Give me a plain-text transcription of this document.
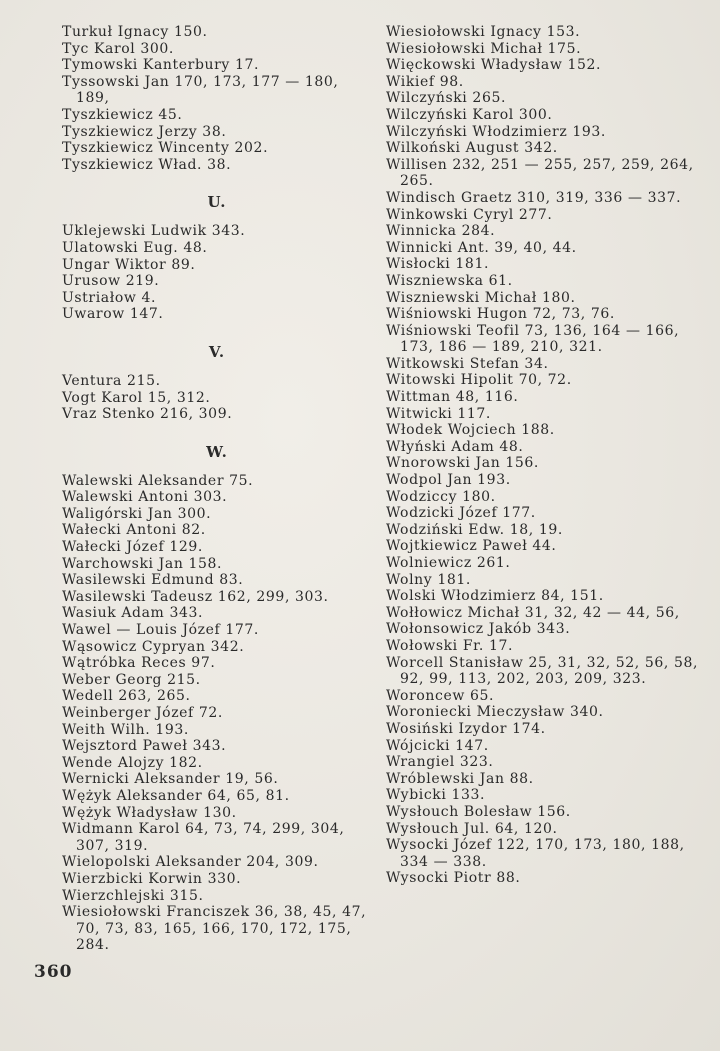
Turkuł Ignacy 150.

Tyc Karol 300.

Tymowski Kanterbury 17.

Tyssowski Jan 170, 173, 177 — 180, 189,

Tyszkiewicz 45.

Tyszkiewicz Jerzy 38.

Tyszkiewicz Wincenty 202.

Tyszkiewicz Wład. 38.

U.

Uklejewski Ludwik 343.

Ulatowski Eug. 48.

Ungar Wiktor 89.

Urusow 219.

Ustriałow 4.

Uwarow 147.

V.

Ventura 215.

Vogt Karol 15, 312.

Vraz Stenko 216, 309.

W.

Walewski Aleksander 75.

Walewski Antoni 303.

Waligórski Jan 300.

Wałecki Antoni 82.

Wałecki Józef 129.

Warchowski Jan 158.

Wasilewski Edmund 83.

Wasilewski Tadeusz 162, 299, 303.

Wasiuk Adam 343.

Wawel — Louis Józef 177.

Wąsowicz Cypryan 342.

Wątróbka Reces 97.

Weber Georg 215.

Wedell 263, 265.

Weinberger Józef 72.

Weith Wilh. 193.

Wejsztord Paweł 343.

Wende Alojzy 182.

Wernicki Aleksander 19, 56.

Wężyk Aleksander 64, 65, 81.

Wężyk Władysław 130.

Widmann Karol 64, 73, 74, 299, 304, 307, 319.

Wielopolski Aleksander 204, 309.

Wierzbicki Korwin 330.

Wierzchlejski 315.

Wiesiołowski Franciszek 36, 38, 45, 47, 70, 73, 83, 165, 166, 170, 172, 175, 284.

Wiesiołowski Ignacy 153.

Wiesiołowski Michał 175.

Więckowski Władysław 152.

Wikief 98.

Wilczyński 265.

Wilczyński Karol 300.

Wilczyński Włodzimierz 193.

Wilkoński August 342.

Willisen 232, 251 — 255, 257, 259, 264, 265.

Windisch Graetz 310, 319, 336 — 337.

Winkowski Cyryl 277.

Winnicka 284.

Winnicki Ant. 39, 40, 44.

Wisłocki 181.

Wiszniewska 61.

Wiszniewski Michał 180.

Wiśniowski Hugon 72, 73, 76.

Wiśniowski Teofil 73, 136, 164 — 166, 173, 186 — 189, 210, 321.

Witkowski Stefan 34.

Witowski Hipolit 70, 72.

Wittman 48, 116.

Witwicki 117.

Włodek Wojciech 188.

Włyński Adam 48.

Wnorowski Jan 156.

Wodpol Jan 193.

Wodziccy 180.

Wodzicki Józef 177.

Wodziński Edw. 18, 19.

Wojtkiewicz Paweł 44.

Wolniewicz 261.

Wolny 181.

Wolski Włodzimierz 84, 151.

Wołłowicz Michał 31, 32, 42 — 44, 56,

Wołonsowicz Jakób 343.

Wołowski Fr. 17.

Worcell Stanisław 25, 31, 32, 52, 56, 58, 92, 99, 113, 202, 203, 209, 323.

Woroncew 65.

Woroniecki Mieczysław 340.

Wosiński Izydor 174.

Wójcicki 147.

Wrangiel 323.

Wróblewski Jan 88.

Wybicki 133.

Wysłouch Bolesław 156.

Wysłouch Jul. 64, 120.

Wysocki Józef 122, 170, 173, 180, 188, 334 — 338.

Wysocki Piotr 88.

360
